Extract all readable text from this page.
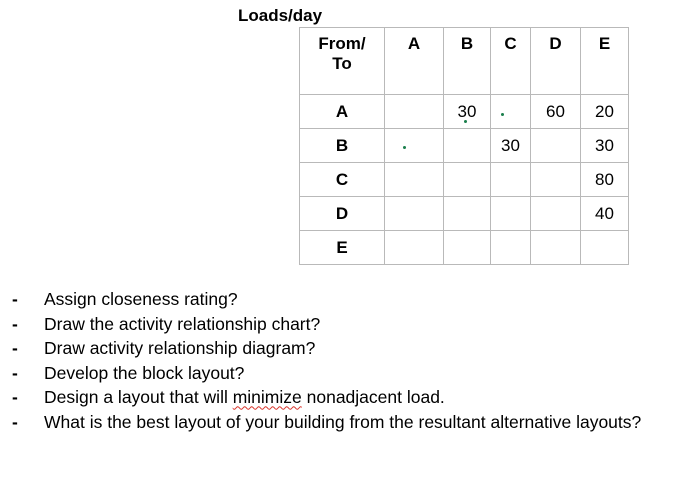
Loads/day
From/
To	A	B	C	D	E
A		30		60	20
B			30		30
C					80
D					40
E					
- Assign closeness rating?
- Draw the activity relationship chart?
- Draw activity relationship diagram?
- Develop the block layout?
- Design a layout that will minimize nonadjacent load.
- What is the best layout of your building from the resultant alternative layouts?
